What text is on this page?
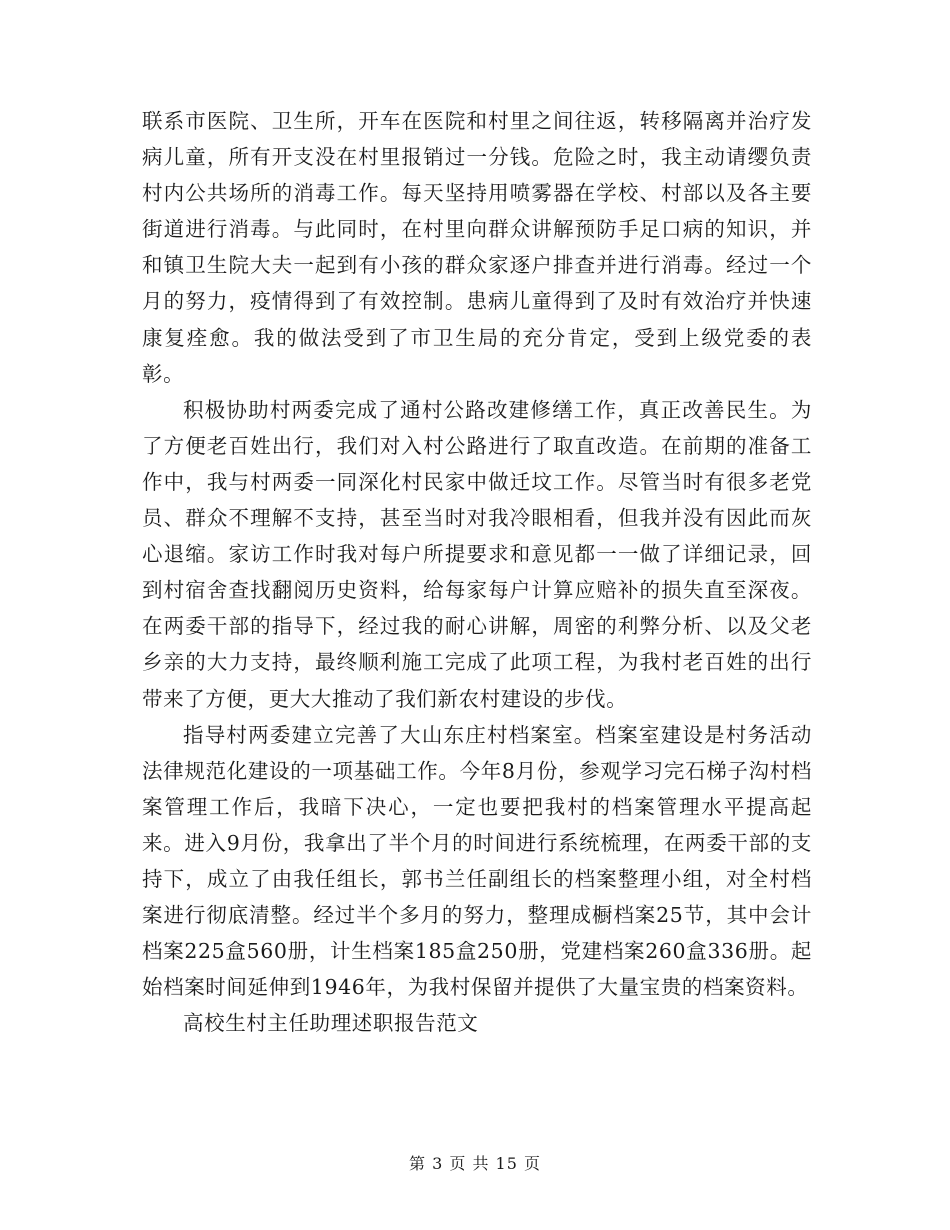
联系市医院、卫生所，开车在医院和村里之间往返，转移隔离并治疗发病儿童，所有开支没在村里报销过一分钱。危险之时，我主动请缨负责村内公共场所的消毒工作。每天坚持用喷雾器在学校、村部以及各主要街道进行消毒。与此同时，在村里向群众讲解预防手足口病的知识，并和镇卫生院大夫一起到有小孩的群众家逐户排查并进行消毒。经过一个月的努力，疫情得到了有效控制。患病儿童得到了及时有效治疗并快速康复痊愈。我的做法受到了市卫生局的充分肯定，受到上级党委的表彰。

积极协助村两委完成了通村公路改建修缮工作，真正改善民生。为了方便老百姓出行，我们对入村公路进行了取直改造。在前期的准备工作中，我与村两委一同深化村民家中做迁坟工作。尽管当时有很多老党员、群众不理解不支持，甚至当时对我冷眼相看，但我并没有因此而灰心退缩。家访工作时我对每户所提要求和意见都一一做了详细记录，回到村宿舍查找翻阅历史资料，给每家每户计算应赔补的损失直至深夜。在两委干部的指导下，经过我的耐心讲解，周密的利弊分析、以及父老乡亲的大力支持，最终顺利施工完成了此项工程，为我村老百姓的出行带来了方便，更大大推动了我们新农村建设的步伐。

指导村两委建立完善了大山东庄村档案室。档案室建设是村务活动法律规范化建设的一项基础工作。今年8月份，参观学习完石梯子沟村档案管理工作后，我暗下决心，一定也要把我村的档案管理水平提高起来。进入9月份，我拿出了半个月的时间进行系统梳理，在两委干部的支持下，成立了由我任组长，郭书兰任副组长的档案整理小组，对全村档案进行彻底清整。经过半个多月的努力，整理成橱档案25节，其中会计档案225盒560册，计生档案185盒250册，党建档案260盒336册。起始档案时间延伸到1946年，为我村保留并提供了大量宝贵的档案资料。

高校生村主任助理述职报告范文

第 3 页 共 15 页
